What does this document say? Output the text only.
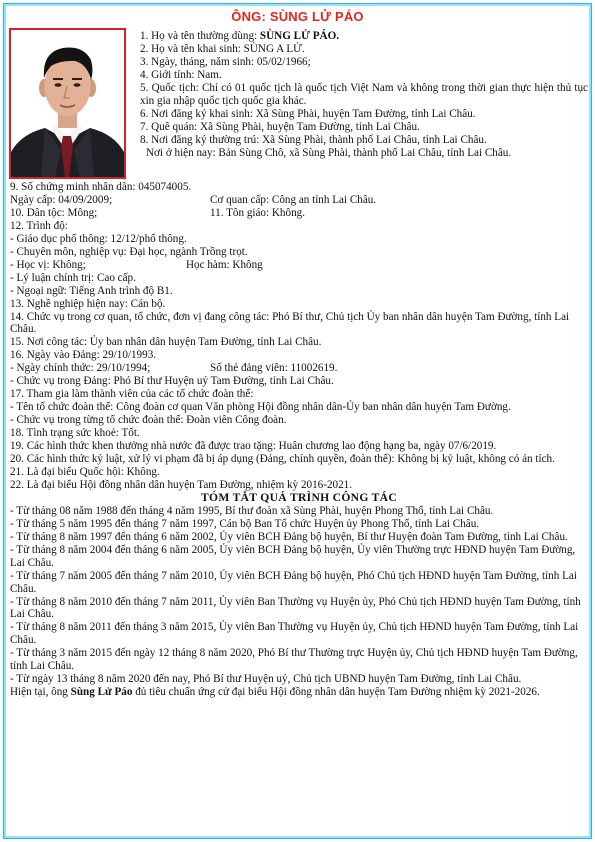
ÔNG: SÙNG LỬ PÁO
1. Họ và tên thường dùng: SÙNG LỬ PÁO.
2. Họ và tên khai sinh: SÙNG A LỬ.
3. Ngày, tháng, năm sinh: 05/02/1966;
4. Giới tính: Nam.
5. Quốc tịch: Chỉ có 01 quốc tịch là quốc tịch Việt Nam và không trong thời gian thực hiện thủ tục xin gia nhập quốc tịch quốc gia khác.
6. Nơi đăng ký khai sinh: Xã Sùng Phài, huyện Tam Đường, tỉnh Lai Châu.
7. Quê quán: Xã Sùng Phài, huyện Tam Đường, tỉnh Lai Châu.
8. Nơi đăng ký thường trú: Xã Sùng Phài, thành phố Lai Châu, tỉnh Lai Châu.
Nơi ở hiện nay: Bản Sùng Chô, xã Sùng Phài, thành phố Lai Châu, tỉnh Lai Châu.
9. Số chứng minh nhân dân: 045074005.
Ngày cấp: 04/09/2009;	Cơ quan cấp: Công an tỉnh Lai Châu.
10. Dân tộc: Mông;	11. Tôn giáo: Không.
12. Trình độ:
- Giáo dục phổ thông: 12/12/phổ thông.
- Chuyên môn, nghiệp vụ: Đại học, ngành Trồng trọt.
- Học vị: Không;	Học hàm: Không
- Lý luận chính trị: Cao cấp.
- Ngoại ngữ: Tiếng Anh trình độ B1.
13. Nghề nghiệp hiện nay: Cán bộ.
14. Chức vụ trong cơ quan, tổ chức, đơn vị đang công tác: Phó Bí thư, Chủ tịch Ủy ban nhân dân huyện Tam Đường, tỉnh Lai Châu.
15. Nơi công tác: Ủy ban nhân dân huyện Tam Đường, tỉnh Lai Châu.
16. Ngày vào Đảng: 29/10/1993.
- Ngày chính thức: 29/10/1994;	Số thẻ đảng viên: 11002619.
- Chức vụ trong Đảng: Phó Bí thư Huyện uỷ Tam Đường, tỉnh Lai Châu.
17. Tham gia làm thành viên của các tổ chức đoàn thể:
- Tên tổ chức đoàn thể: Công đoàn cơ quan Văn phòng Hội đồng nhân dân-Ủy ban nhân dân huyện Tam Đường.
- Chức vụ trong từng tổ chức đoàn thể: Đoàn viên Công đoàn.
18. Tình trạng sức khoẻ: Tốt.
19. Các hình thức khen thưởng nhà nước đã được trao tặng: Huân chương lao động hạng ba, ngày 07/6/2019.
20. Các hình thức kỷ luật, xử lý vi phạm đã bị áp dụng (Đảng, chính quyền, đoàn thể): Không bị kỷ luật, không có án tích.
21. Là đại biểu Quốc hội: Không.
22. Là đại biểu Hội đồng nhân dân huyện Tam Đường, nhiệm kỳ 2016-2021.
TÓM TẮT QUÁ TRÌNH CÔNG TÁC
- Từ tháng 08 năm 1988 đến tháng 4 năm 1995, Bí thư đoàn xã Sùng Phài, huyện Phong Thổ, tỉnh Lai Châu.
- Từ tháng 5 năm 1995 đến tháng 7 năm 1997, Cán bộ Ban Tổ chức Huyện ủy Phong Thổ, tỉnh Lai Châu.
- Từ tháng 8 năm 1997 đến tháng 6 năm 2002, Ủy viên BCH Đảng bộ huyện, Bí thư Huyện đoàn Tam Đường, tỉnh Lai Châu.
- Từ tháng 8 năm 2004 đến tháng 6 năm 2005, Ủy viên BCH Đảng bộ huyện, Ủy viên Thường trực HĐND huyện Tam Đường, Lai Châu.
- Từ tháng 7 năm 2005 đến tháng 7 năm 2010, Ủy viên BCH Đảng bộ huyện, Phó Chủ tịch HĐND huyện Tam Đường, tỉnh Lai Châu.
- Từ tháng 8 năm 2010 đến tháng 7 năm 2011, Ủy viên Ban Thường vụ Huyện ủy, Phó Chủ tịch HĐND huyện Tam Đường, tỉnh Lai Châu.
- Từ tháng 8 năm 2011 đến tháng 3 năm 2015, Ủy viên Ban Thường vụ Huyện ủy, Chủ tịch HĐND huyện Tam Đường, tỉnh Lai Châu.
- Từ tháng 3 năm 2015 đến ngày 12 tháng 8 năm 2020, Phó Bí thư Thường trực Huyện ủy, Chủ tịch HĐND huyện Tam Đường, tỉnh Lai Châu.
- Từ ngày 13 tháng 8 năm 2020 đến nay, Phó Bí thư Huyện uỷ, Chủ tịch UBND huyện Tam Đường, tỉnh Lai Châu.
Hiện tại, ông Sùng Lử Páo đủ tiêu chuẩn ứng cử đại biểu Hội đồng nhân dân huyện Tam Đường nhiệm kỳ 2021-2026.
